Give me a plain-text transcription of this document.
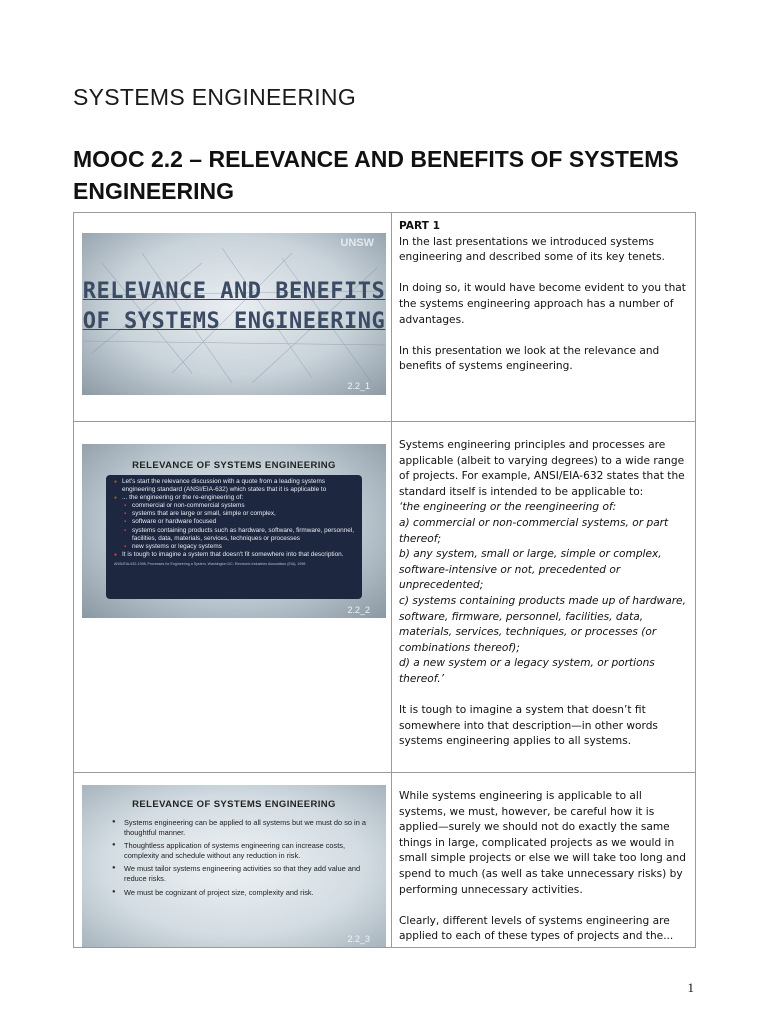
SYSTEMS ENGINEERING
MOOC 2.2 – RELEVANCE AND BENEFITS OF SYSTEMS ENGINEERING
UNSW
RELEVANCE AND BENEFITS
OF SYSTEMS ENGINEERING
2.2_1

PART 1

In the last presentations we introduced systems engineering and described some of its key tenets.

In doing so, it would have become evident to you that the systems engineering approach has a number of advantages.

In this presentation we look at the relevance and benefits of systems engineering.

RELEVANCE OF SYSTEMS ENGINEERING
● Let's start the relevance discussion with a quote from a leading systems engineering standard (ANSI/EIA-632) which states that it is applicable to
● ... the engineering or the re-engineering of:
▪ commercial or non-commercial systems
▪ systems that are large or small, simple or complex,
▪ software or hardware focused
▪ systems containing products such as hardware, software, firmware, personnel, facilities, data, materials, services, techniques or processes
▪ new systems or legacy systems
● It is tough to imagine a system that doesn't fit somewhere into that description.
ANSI/EIA-632-1998, Processes for Engineering a System, Washington DC: Electronic Industries Association (EIA), 1998
2.2_2

Systems engineering principles and processes are applicable (albeit to varying degrees) to a wide range of projects. For example, ANSI/EIA-632 states that the standard itself is intended to be applicable to:

‘the engineering or the reengineering of:

a) commercial or non-commercial systems, or part thereof;

b) any system, small or large, simple or complex, software-intensive or not, precedented or unprecedented;

c) systems containing products made up of hardware, software, firmware, personnel, facilities, data, materials, services, techniques, or processes (or combinations thereof);

d) a new system or a legacy system, or portions thereof.’

It is tough to imagine a system that doesn’t fit somewhere into that description—in other words systems engineering applies to all systems.

RELEVANCE OF SYSTEMS ENGINEERING
● Systems engineering can be applied to all systems but we must do so in a thoughtful manner.
● Thoughtless application of systems engineering can increase costs, complexity and schedule without any reduction in risk.
● We must tailor systems engineering activities so that they add value and reduce risks.
● We must be cognizant of project size, complexity and risk.
2.2_3

While systems engineering is applicable to all systems, we must, however, be careful how it is applied—surely we should not do exactly the same things in large, complicated projects as we would in small simple projects or else we will take too long and spend to much (as well as take unnecessary risks) by performing unnecessary activities.

Clearly, different levels of systems engineering are applied to each of these types of projects and the...

1
